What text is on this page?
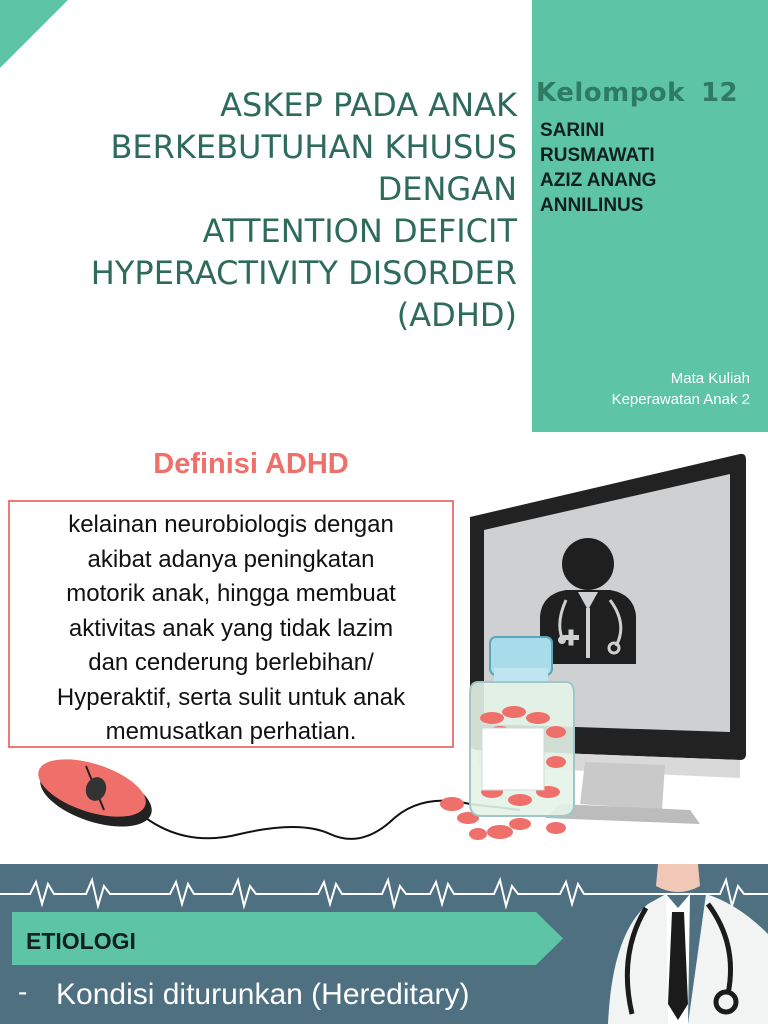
ASKEP PADA ANAK
BERKEBUTUHAN KHUSUS
DENGAN
ATTENTION DEFICIT
HYPERACTIVITY DISORDER
(ADHD)
Kelompok 12
SARINI
RUSMAWATI
AZIZ ANANG
ANNILINUS
Mata Kuliah
Keperawatan Anak 2
Definisi ADHD
kelainan neurobiologis dengan
akibat adanya peningkatan
motorik anak, hingga membuat
aktivitas anak yang tidak lazim
dan cenderung berlebihan/
Hyperaktif, serta sulit untuk anak
memusatkan perhatian.
ETIOLOGI
- Kondisi diturunkan (Hereditary)
